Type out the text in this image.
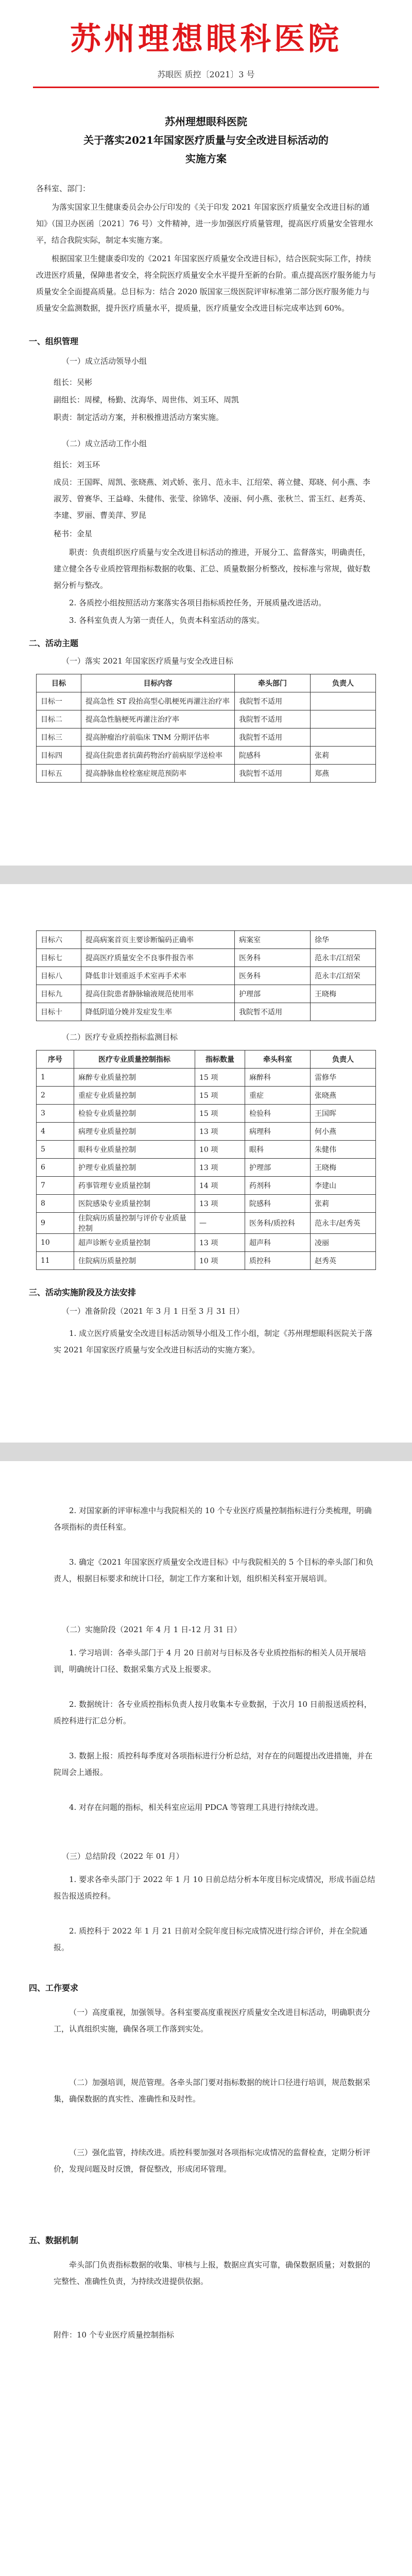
苏州理想眼科医院
苏眼医 质控〔2021〕3 号
苏州理想眼科医院
关于落实2021年国家医疗质量与安全改进目标活动的
实施方案
各科室、部门：
为落实国家卫生健康委员会办公厅印发的《关于印发 2021 年国家医疗质量安全改进目标的通知》（国卫办医函〔2021〕76 号）文件精神，进一步加强医疗质量管理，提高医疗质量安全管理水平，结合我院实际，制定本实施方案。
根据国家卫生健康委印发的《2021 年国家医疗质量安全改进目标》，结合医院实际工作，持续改进医疗质量，保障患者安全，将全院医疗质量安全水平提升至新的台阶。重点提高医疗服务能力与质量安全全面提高质量。总目标为：结合 2020 版国家三级医院评审标准第二部分医疗服务能力与质量安全监测数据，提升医疗质量水平，提质量，医疗质量安全改进目标完成率达到 60%。
一、组织管理
（一）成立活动领导小组
组长：吴彬
副组长：周樑，杨勤、沈海华、周世伟、刘玉环、周凯
职责：制定活动方案，并积极推进活动方案实施。
（二）成立活动工作小组
组长：刘玉环
成员：王国晖、周凯、张晓燕、刘式娇、张月、范永丰、江绍荣、蒋立健、郑晓、何小燕、李淑芳、曾赛华、王益峰、朱健伟、张莹、徐锦华、凌丽、何小燕、张秋兰、雷玉红、赵秀英、李建、罗丽、曹美萍、罗昆
秘书：金星
职责：负责组织医疗质量与安全改进目标活动的推进，开展分工、监督落实，明确责任，建立健全各专业质控管理指标数据的收集、汇总、质量数据分析整改，按标准与常规，做好数据分析与整改。
2. 各质控小组按照活动方案落实各项目指标质控任务，开展质量改进活动。
3. 各科室负责人为第一责任人，负责本科室活动的落实。
二、活动主题
（一）落实 2021 年国家医疗质量与安全改进目标
目标	目标内容	牵头部门	负责人
目标一	提高急性 ST 段抬高型心肌梗死再灌注治疗率	我院暂不适用	
目标二	提高急性脑梗死再灌注治疗率	我院暂不适用	
目标三	提高肿瘤治疗前临床 TNM 分期评估率	我院暂不适用	
目标四	提高住院患者抗菌药物治疗前病原学送检率	院感科	张莉
目标五	提高静脉血栓栓塞症规范预防率	我院暂不适用	郑燕
目标六	提高病案首页主要诊断编码正确率	病案室	徐华
目标七	提高医疗质量安全不良事件报告率	医务科	范永丰/江绍荣
目标八	降低非计划重返手术室再手术率	医务科	范永丰/江绍荣
目标九	提高住院患者静脉输液规范使用率	护理部	王晓梅
目标十	降低阴道分娩并发症发生率	我院暂不适用	
（二）医疗专业质控指标监测目标
序号	医疗专业质量控制指标	指标数量	牵头科室	负责人
1	麻醉专业质量控制	15 项	麻醉科	雷修华
2	重症专业质量控制	15 项	重症	张晓燕
3	检验专业质量控制	15 项	检验科	王国晖
4	病理专业质量控制	13 项	病理科	何小燕
5	眼科专业质量控制	10 项	眼科	朱健伟
6	护理专业质量控制	13 项	护理部	王晓梅
7	药事管理专业质量控制	14 项	药剂科	李建山
8	医院感染专业质量控制	13 项	院感科	张莉
9	住院病历质量控制与评价专业质量控制	—	医务科/质控科	范永丰/赵秀英
10	超声诊断专业质量控制	13 项	超声科	凌丽
11	住院病历质量控制	10 项	质控科	赵秀英
三、活动实施阶段及方法安排
（一）准备阶段（2021 年 3 月 1 日至 3 月 31 日）
1. 成立医疗质量安全改进目标活动领导小组及工作小组，制定《苏州理想眼科医院关于落实 2021 年国家医疗质量与安全改进目标活动的实施方案》。
2. 对国家新的评审标准中与我院相关的 10 个专业医疗质量控制指标进行分类梳理，明确各项指标的责任科室。
3. 确定《2021 年国家医疗质量安全改进目标》中与我院相关的 5 个目标的牵头部门和负责人，根据目标要求和统计口径，制定工作方案和计划，组织相关科室开展培训。
（二）实施阶段（2021 年 4 月 1 日-12 月 31 日）
1. 学习培训：各牵头部门于 4 月 20 日前对与目标及各专业质控指标的相关人员开展培训，明确统计口径、数据采集方式及上报要求。
2. 数据统计：各专业质控指标负责人按月收集本专业数据，于次月 10 日前报送质控科，质控科进行汇总分析。
3. 数据上报：质控科每季度对各项指标进行分析总结，对存在的问题提出改进措施，并在院周会上通报。
4. 对存在问题的指标，相关科室应运用 PDCA 等管理工具进行持续改进。
（三）总结阶段（2022 年 01 月）
1. 要求各牵头部门于 2022 年 1 月 10 日前总结分析本年度目标完成情况，形成书面总结报告报送质控科。
2. 质控科于 2022 年 1 月 21 日前对全院年度目标完成情况进行综合评价，并在全院通报。
四、工作要求
（一）高度重视，加强领导。各科室要高度重视医疗质量安全改进目标活动，明确职责分工，认真组织实施，确保各项工作落到实处。
（二）加强培训，规范管理。各牵头部门要对指标数据的统计口径进行培训，规范数据采集，确保数据的真实性、准确性和及时性。
（三）强化监管，持续改进。质控科要加强对各项指标完成情况的监督检查，定期分析评价，发现问题及时反馈，督促整改，形成闭环管理。
五、数据机制
牵头部门负责指标数据的收集、审核与上报，数据应真实可靠，确保数据质量；对数据的完整性、准确性负责，为持续改进提供依据。
附件：10 个专业医疗质量控制指标
